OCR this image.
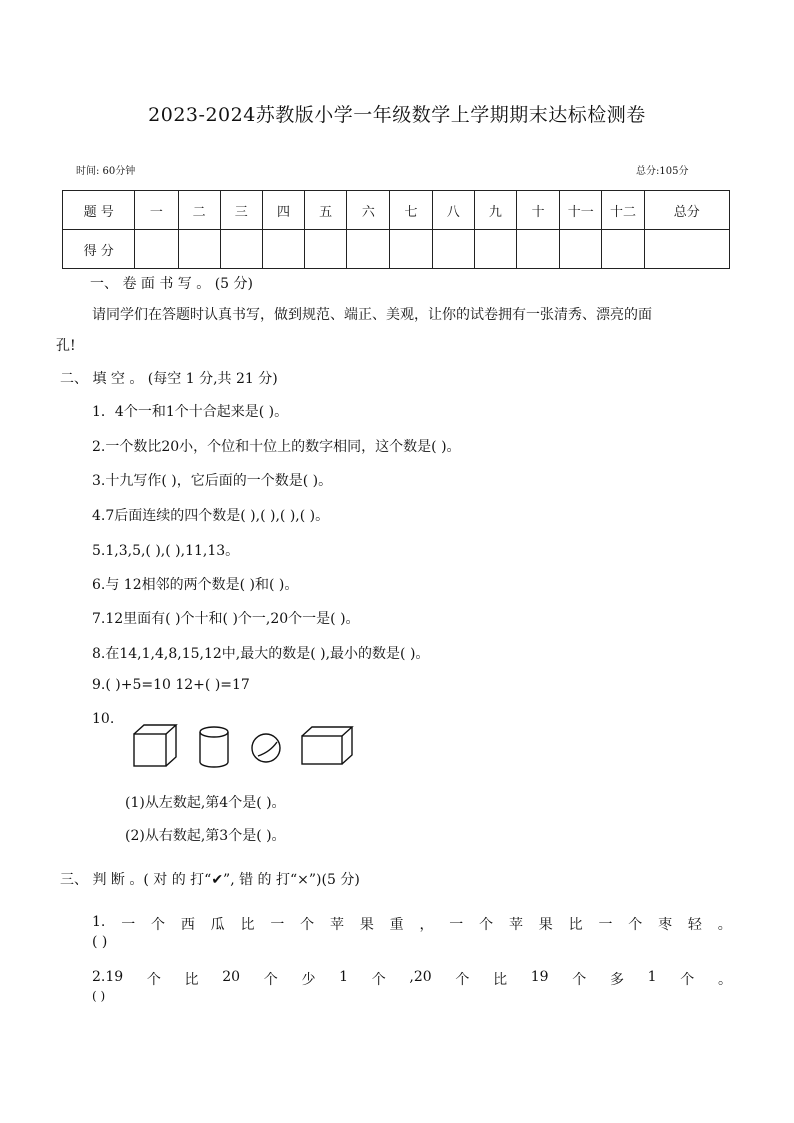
2023-2024苏教版小学一年级数学上学期期末达标检测卷
时间: 60分钟	总分:105分
题 号	一	二	三	四	五	六	七	八	九	十	十一	十二	总分
得 分													
一、 卷 面 书 写 。 (5 分)
请同学们在答题时认真书写，做到规范、端正、美观，让你的试卷拥有一张清秀、漂亮的面
孔!
二、 填 空 。 (每空 1 分,共 21 分)
1．4个一和1个十合起来是( )。
2.一个数比20小，个位和十位上的数字相同，这个数是( )。
3.十九写作( )，它后面的一个数是( )。
4.7后面连续的四个数是( ),( ),( ),( )。
5.1,3,5,( ),( ),11,13。
6.与 12相邻的两个数是( )和( )。
7.12里面有( )个十和( )个一,20个一是( )。
8.在14,1,4,8,15,12中,最大的数是( ),最小的数是( )。
9.( )+5=10 12+( )=17
10.
(1)从左数起,第4个是( )。
(2)从右数起,第3个是( )。
三、 判 断 。( 对 的 打“✔”, 错 的 打“×”)(5 分)
1. 一 个 西 瓜 比 一 个 苹 果 重 ， 一 个 苹 果 比 一 个 枣 轻 。
( )
2.19 个 比 20 个 少 1 个 ,20 个 比 19 个 多 1 个 。
( )
